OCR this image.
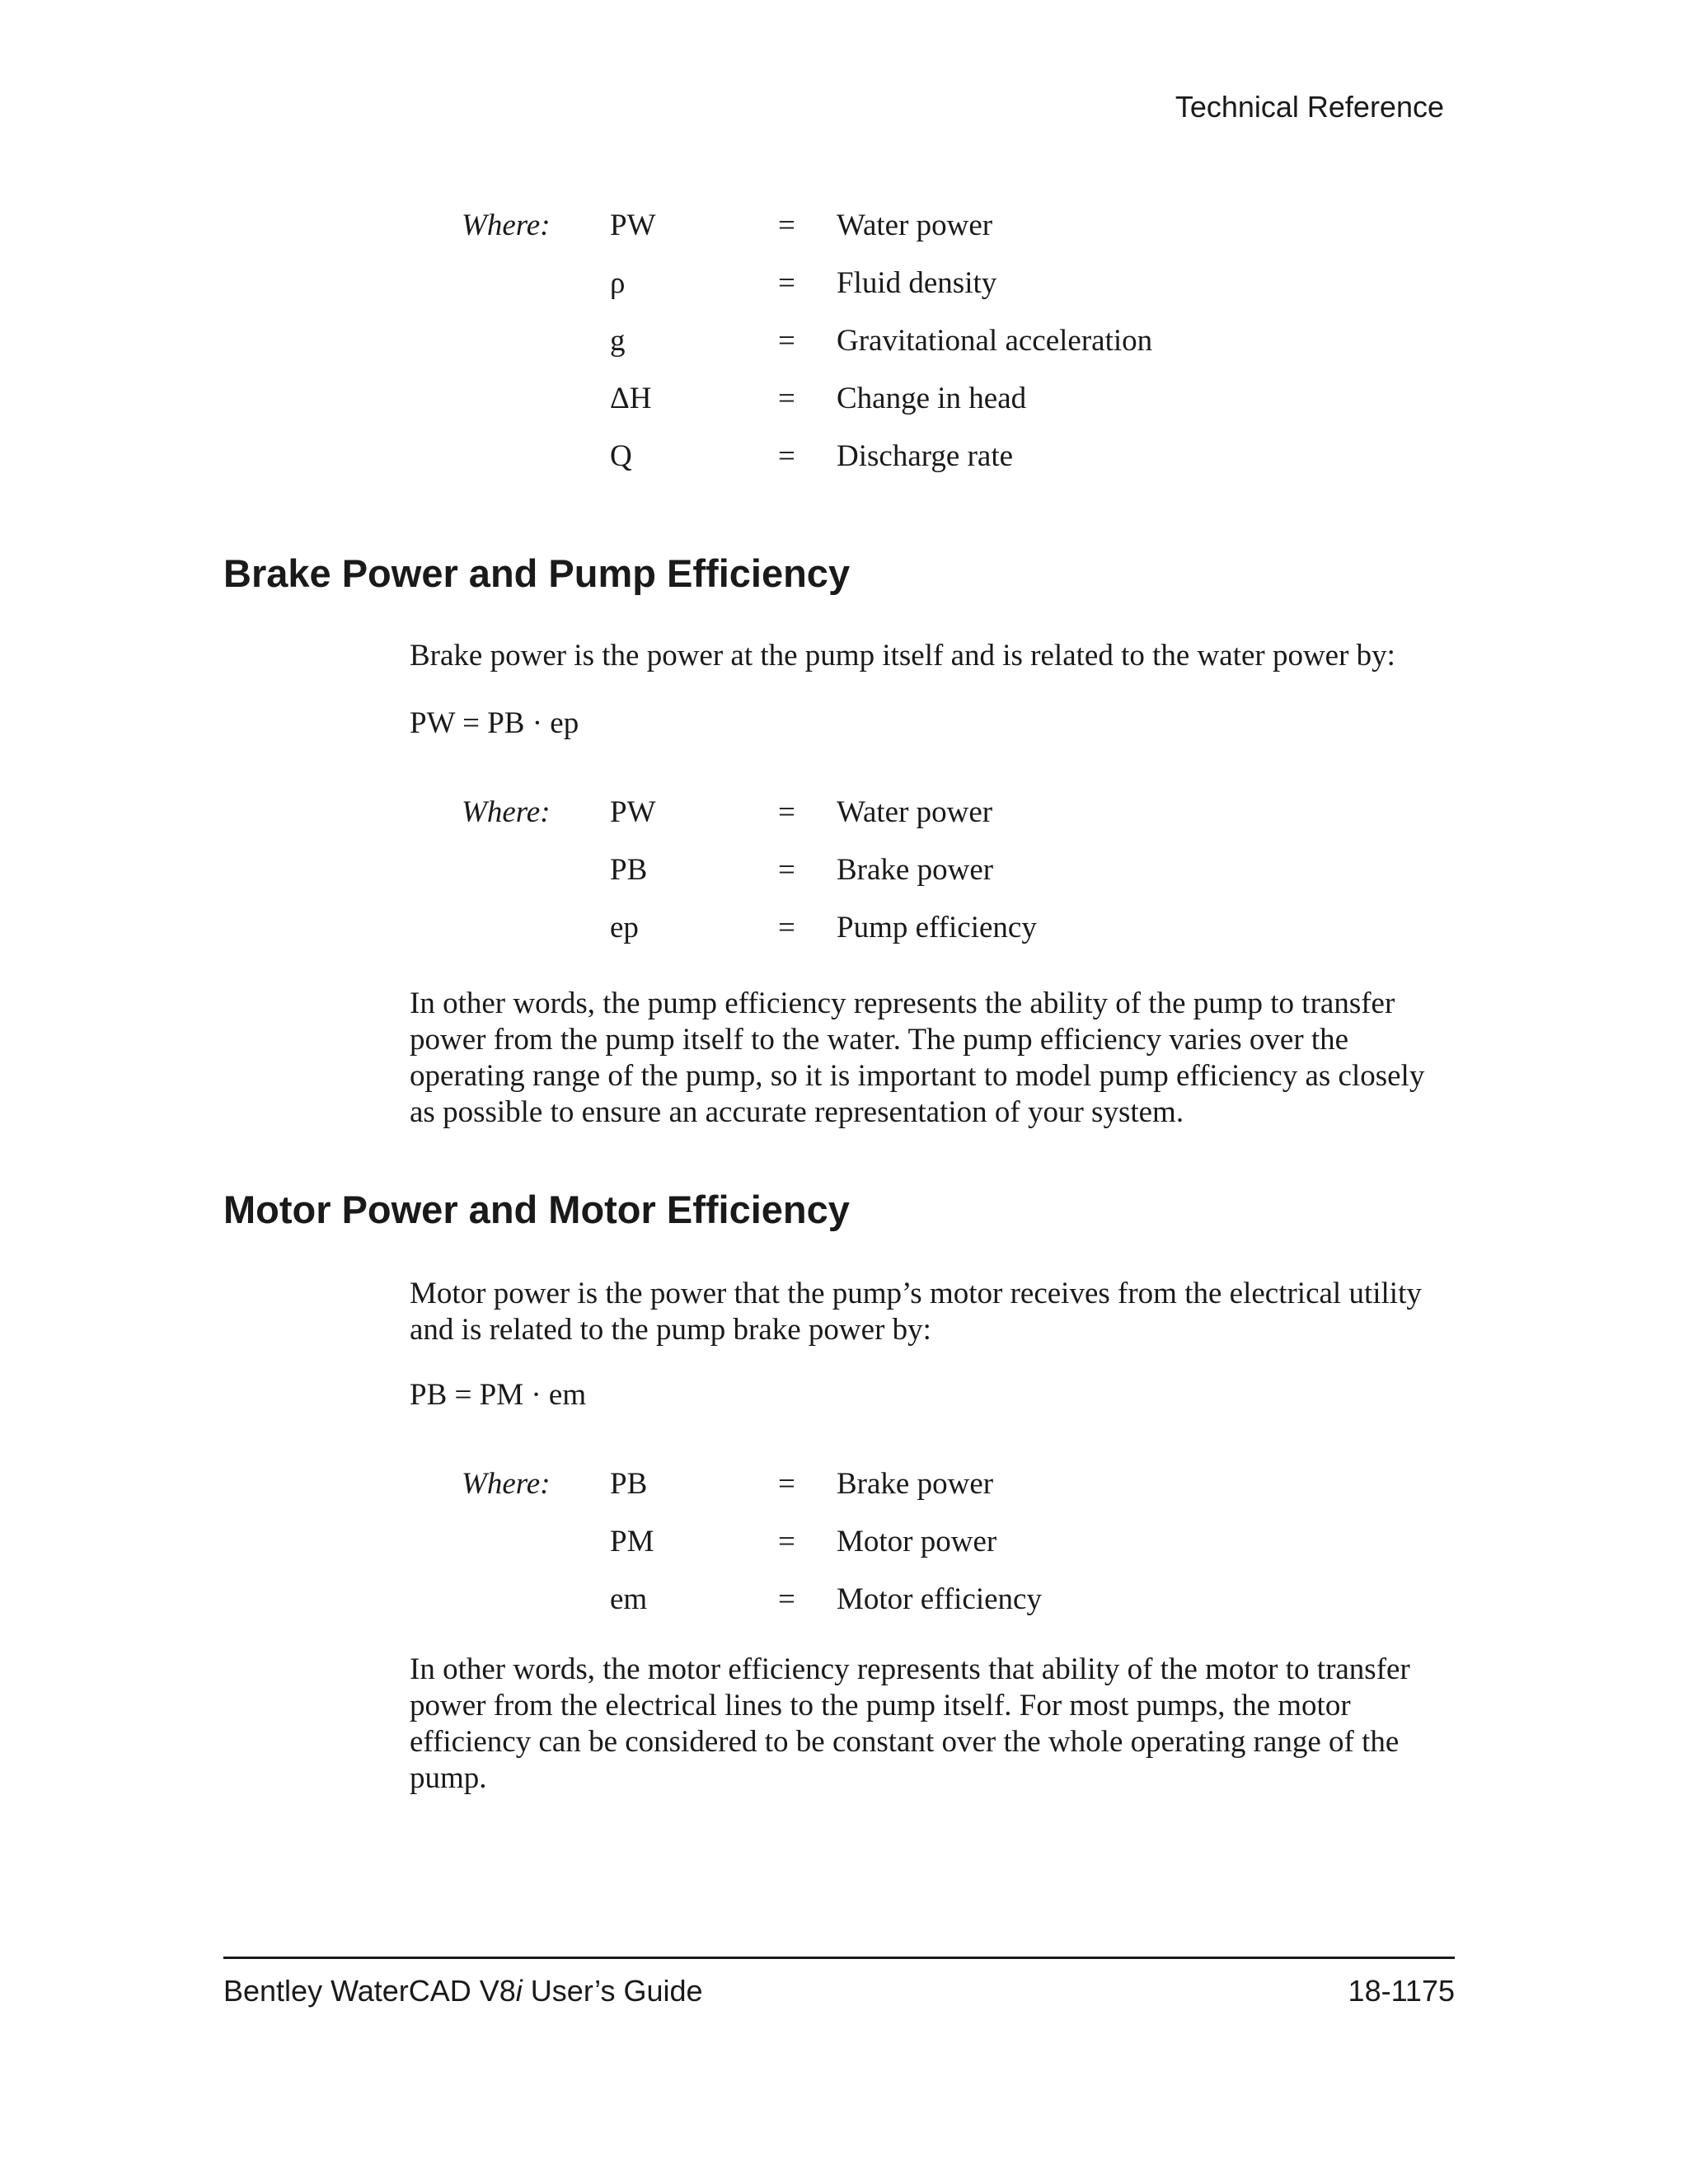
Technical Reference
Where: PW	= Water power
ρ	= Fluid density
g	= Gravitational acceleration
ΔH	= Change in head
Q	= Discharge rate
Brake Power and Pump Efficiency

Brake power is the power at the pump itself and is related to the water power by:

PW = PB · ep

Where: PW	= Water power
PB	= Brake power
ep	= Pump efficiency

In other words, the pump efficiency represents the ability of the pump to transfer power from the pump itself to the water. The pump efficiency varies over the operating range of the pump, so it is important to model pump efficiency as closely as possible to ensure an accurate representation of your system.

Motor Power and Motor Efficiency

Motor power is the power that the pump’s motor receives from the electrical utility and is related to the pump brake power by:

PB = PM · em

Where: PB	= Brake power
PM	= Motor power
em	= Motor efficiency

In other words, the motor efficiency represents that ability of the motor to transfer power from the electrical lines to the pump itself. For most pumps, the motor efficiency can be considered to be constant over the whole operating range of the pump.

Bentley WaterCAD V8i User’s Guide	18-1175
